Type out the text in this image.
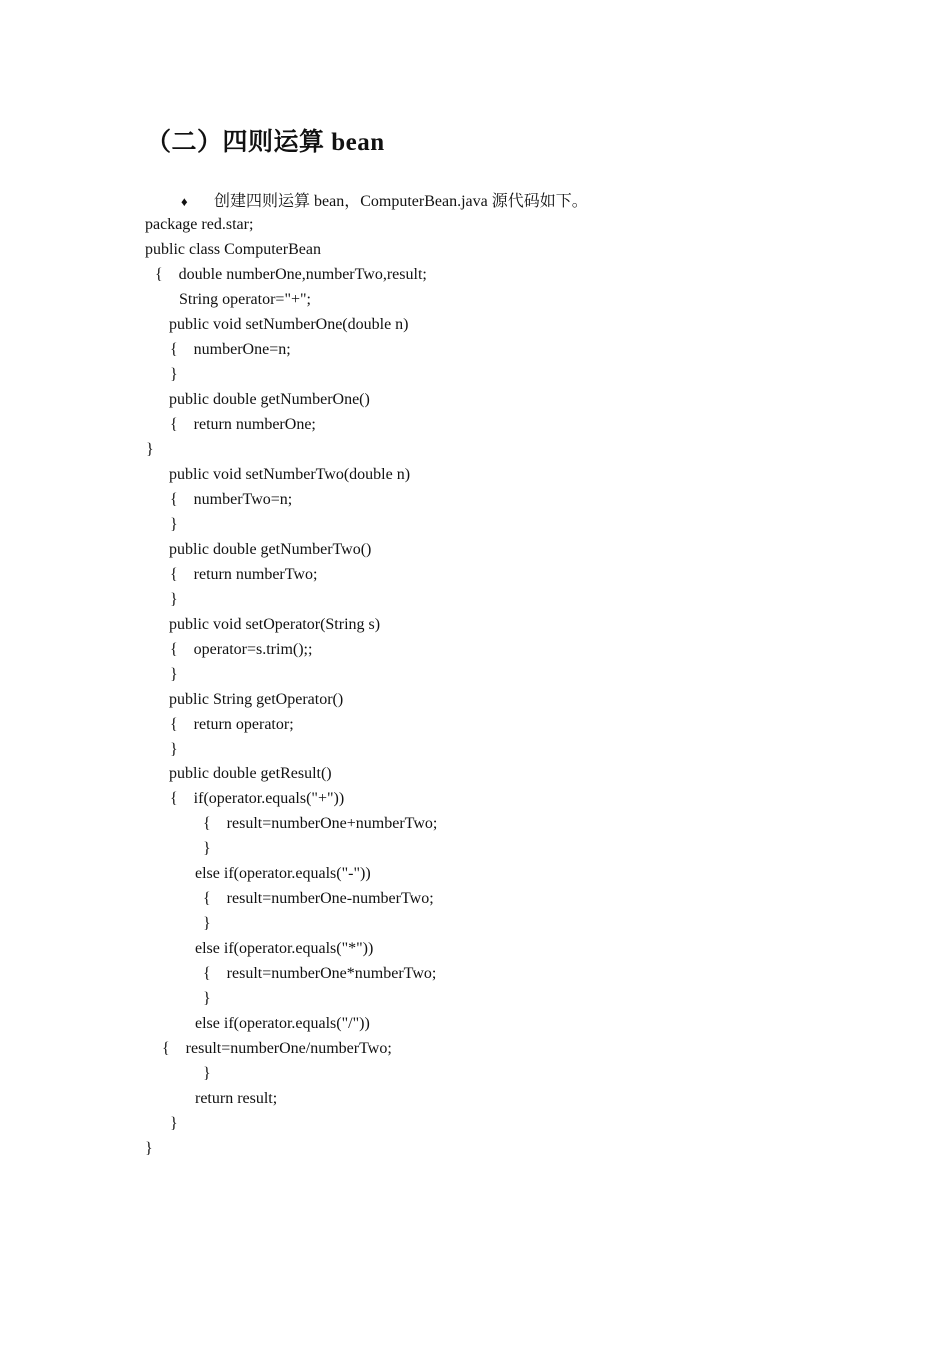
（二）四则运算 bean
♦ 创建四则运算 bean，ComputerBean.java 源代码如下。
package red.star;
public class ComputerBean
{    double numberOne,numberTwo,result;
String operator="+";
public void setNumberOne(double n)
{    numberOne=n;
}
public double getNumberOne()
{    return numberOne;
}
public void setNumberTwo(double n)
{    numberTwo=n;
}
public double getNumberTwo()
{    return numberTwo;
}
public void setOperator(String s)
{    operator=s.trim();;
}
public String getOperator()
{    return operator;
}
public double getResult()
{    if(operator.equals("+"))
{    result=numberOne+numberTwo;
}
else if(operator.equals("-"))
{    result=numberOne-numberTwo;
}
else if(operator.equals("*"))
{    result=numberOne*numberTwo;
}
else if(operator.equals("/"))
{    result=numberOne/numberTwo;
}
return result;
}
}
